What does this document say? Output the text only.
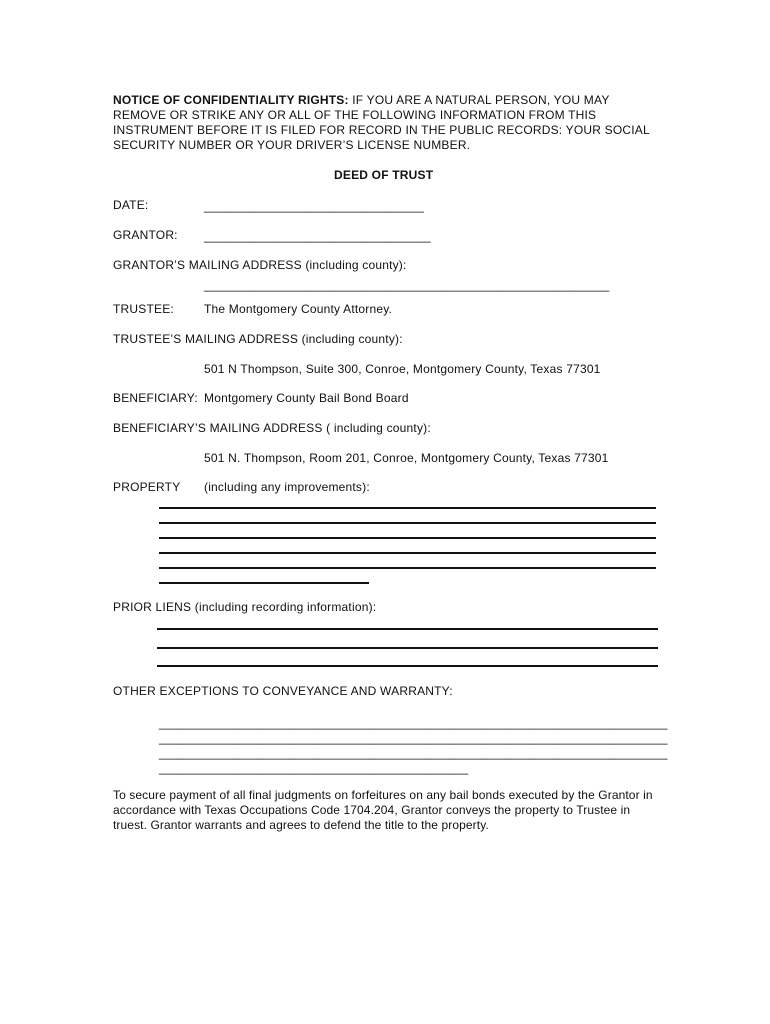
NOTICE OF CONFIDENTIALITY RIGHTS: IF YOU ARE A NATURAL PERSON, YOU MAY REMOVE OR STRIKE ANY OR ALL OF THE FOLLOWING INFORMATION FROM THIS INSTRUMENT BEFORE IT IS FILED FOR RECORD IN THE PUBLIC RECORDS: YOUR SOCIAL SECURITY NUMBER OR YOUR DRIVER’S LICENSE NUMBER.
DEED OF TRUST
DATE:	________________________________
GRANTOR: _________________________________
GRANTOR’S MAILING ADDRESS (including county):
___________________________________________________________
TRUSTEE:	The Montgomery County Attorney.
TRUSTEE’S MAILING ADDRESS (including county):
501 N Thompson, Suite 300, Conroe, Montgomery County, Texas 77301
BENEFICIARY: Montgomery County Bail Bond Board
BENEFICIARY’S MAILING ADDRESS ( including county):
501 N. Thompson, Room 201, Conroe, Montgomery County, Texas 77301
PROPERTY (including any improvements):
PRIOR LIENS (including recording information):
OTHER EXCEPTIONS TO CONVEYANCE AND WARRANTY:
__________________________________________________________________________
__________________________________________________________________________
__________________________________________________________________________
_____________________________________________
To secure payment of all final judgments on forfeitures on any bail bonds executed by the Grantor in accordance with Texas Occupations Code 1704.204, Grantor conveys the property to Trustee in truest. Grantor warrants and agrees to defend the title to the property.
